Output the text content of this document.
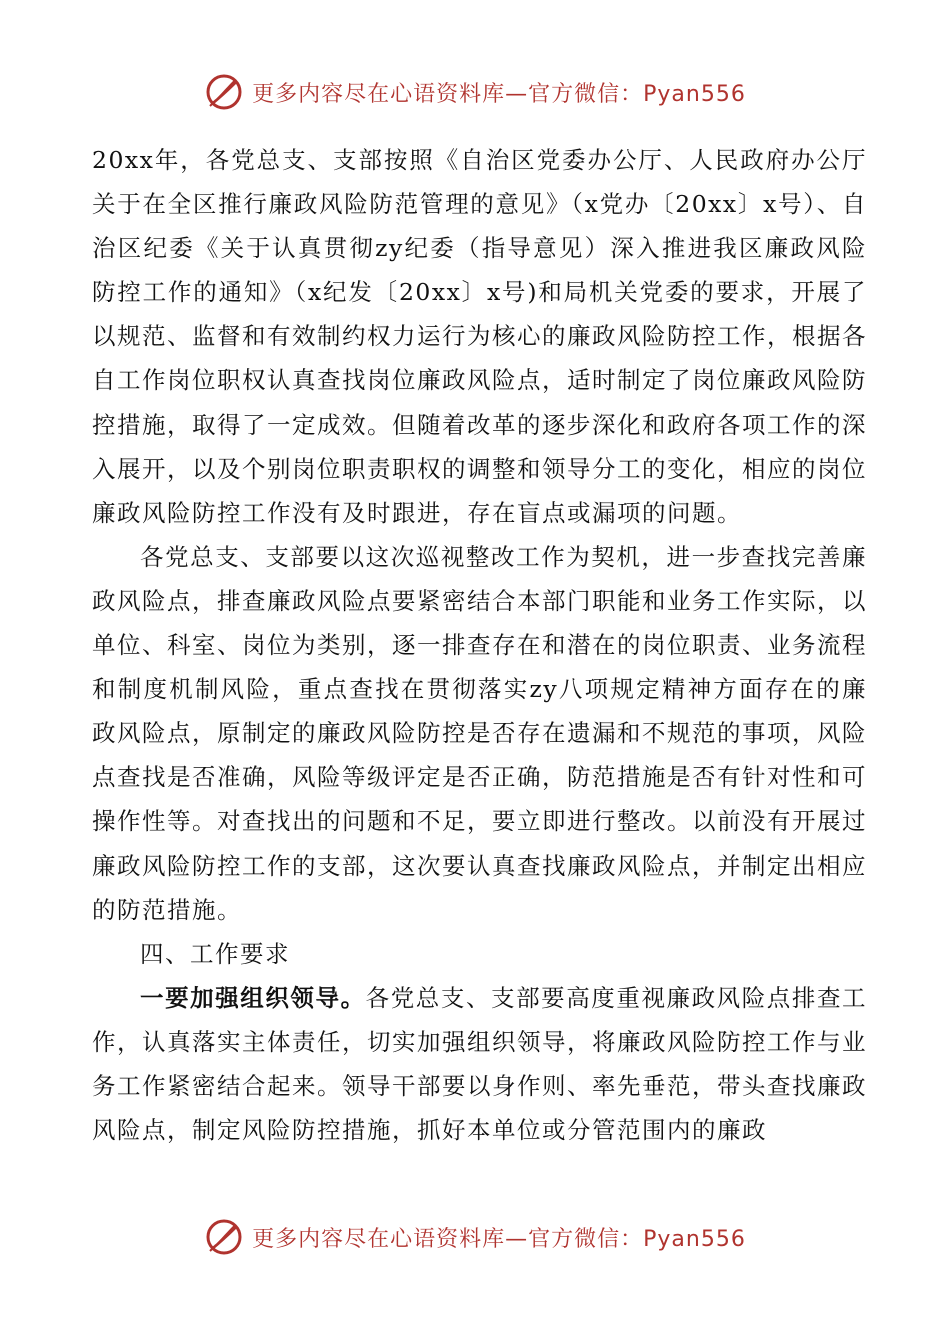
更多内容尽在心语资料库—官方微信：Pyan556

20xx年，各党总支、支部按照《自治区党委办公厅、人民政府办公厅关于在全区推行廉政风险防范管理的意见》（x党办〔20xx〕x号）、自治区纪委《关于认真贯彻zy纪委（指导意见）深入推进我区廉政风险防控工作的通知》（x纪发〔20xx〕x号)和局机关党委的要求，开展了以规范、监督和有效制约权力运行为核心的廉政风险防控工作，根据各自工作岗位职权认真查找岗位廉政风险点，适时制定了岗位廉政风险防控措施，取得了一定成效。但随着改革的逐步深化和政府各项工作的深入展开，以及个别岗位职责职权的调整和领导分工的变化，相应的岗位廉政风险防控工作没有及时跟进，存在盲点或漏项的问题。

各党总支、支部要以这次巡视整改工作为契机，进一步查找完善廉政风险点，排查廉政风险点要紧密结合本部门职能和业务工作实际，以单位、科室、岗位为类别，逐一排查存在和潜在的岗位职责、业务流程和制度机制风险，重点查找在贯彻落实zy八项规定精神方面存在的廉政风险点，原制定的廉政风险防控是否存在遗漏和不规范的事项，风险点查找是否准确，风险等级评定是否正确，防范措施是否有针对性和可操作性等。对查找出的问题和不足，要立即进行整改。以前没有开展过廉政风险防控工作的支部，这次要认真查找廉政风险点，并制定出相应的防范措施。

四、工作要求

一要加强组织领导。各党总支、支部要高度重视廉政风险点排查工作，认真落实主体责任，切实加强组织领导，将廉政风险防控工作与业务工作紧密结合起来。领导干部要以身作则、率先垂范，带头查找廉政风险点，制定风险防控措施，抓好本单位或分管范围内的廉政

更多内容尽在心语资料库—官方微信：Pyan556
